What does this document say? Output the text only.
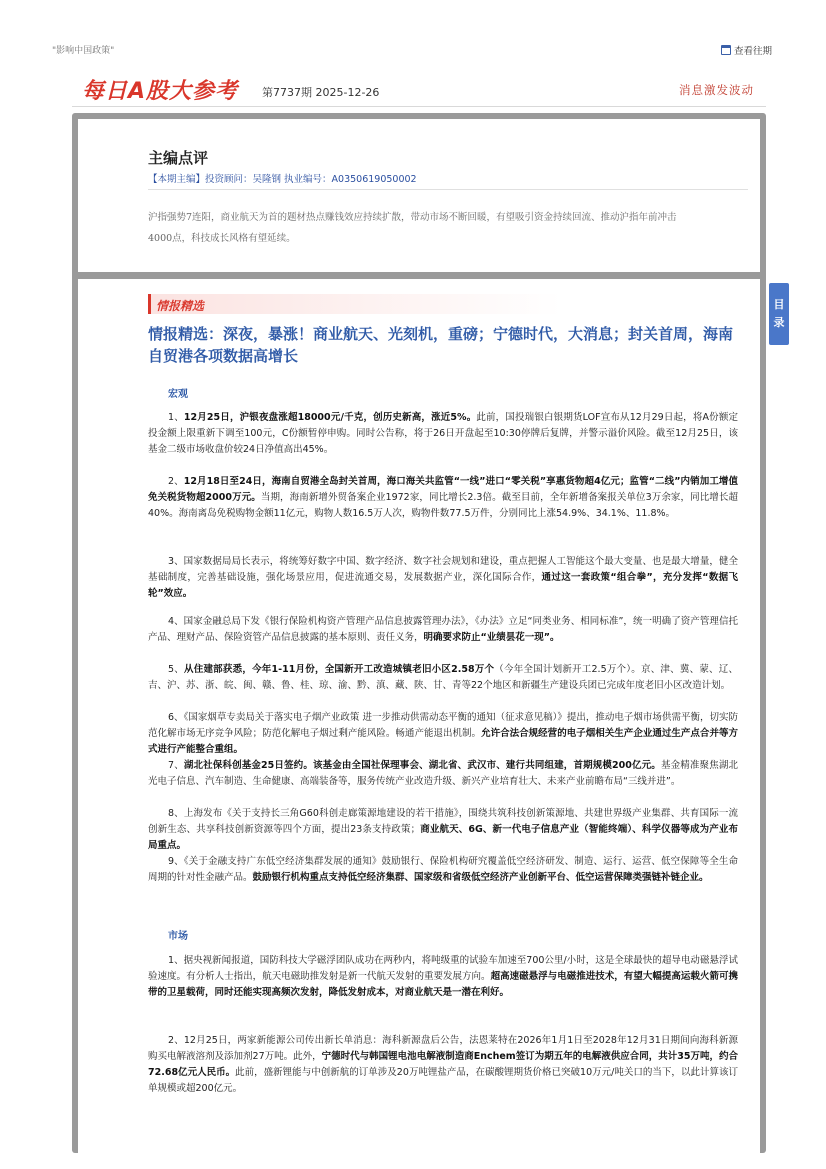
"影响中国政策"	查看往期
每日A股大参考 第7737期 2025-12-26	消息激发波动
主编点评
【本期主编】投资顾问：吴隆钢 执业编号：A0350619050002
沪指强势7连阳，商业航天为首的题材热点赚钱效应持续扩散，带动市场不断回暖，有望吸引资金持续回流、推动沪指年前冲击4000点，科技成长风格有望延续。
情报精选
情报精选：深夜，暴涨！商业航天、光刻机，重磅；宁德时代，大消息；封关首周，海南自贸港各项数据高增长
宏观
1、12月25日，沪银夜盘涨超18000元/千克，创历史新高，涨近5%。此前，国投瑞银白银期货LOF宣布从12月29日起，将A份额定投金额上限重新下调至100元，C份额暂停申购。同时公告称，将于26日开盘起至10:30停牌后复牌，并警示溢价风险。截至12月25日，该基金二级市场收盘价较24日净值高出45%。
2、12月18日至24日，海南自贸港全岛封关首周，海口海关共监管“一线”进口“零关税”享惠货物超4亿元；监管“二线”内销加工增值免关税货物超2000万元。当期，海南新增外贸备案企业1972家，同比增长2.3倍。截至目前，全年新增备案报关单位3万余家，同比增长超40%。海南离岛免税购物金额11亿元，购物人数16.5万人次，购物件数77.5万件，分别同比上涨54.9%、34.1%、11.8%。
3、国家数据局局长表示，将统筹好数字中国、数字经济、数字社会规划和建设，重点把握人工智能这个最大变量、也是最大增量，健全基础制度，完善基础设施，强化场景应用，促进流通交易，发展数据产业，深化国际合作，通过这一套政策“组合拳”，充分发挥“数据飞轮”效应。
4、国家金融总局下发《银行保险机构资产管理产品信息披露管理办法》，《办法》立足“同类业务、相同标准”，统一明确了资产管理信托产品、理财产品、保险资管产品信息披露的基本原则、责任义务，明确要求防止“业绩昙花一现”。
5、从住建部获悉，今年1-11月份，全国新开工改造城镇老旧小区2.58万个（今年全国计划新开工2.5万个）。京、津、冀、蒙、辽、吉、沪、苏、浙、皖、闽、赣、鲁、桂、琼、渝、黔、滇、藏、陕、甘、青等22个地区和新疆生产建设兵团已完成年度老旧小区改造计划。
6、《国家烟草专卖局关于落实电子烟产业政策 进一步推动供需动态平衡的通知（征求意见稿）》提出，推动电子烟市场供需平衡，切实防范化解市场无序竞争风险；防范化解电子烟过剩产能风险。畅通产能退出机制。允许合法合规经营的电子烟相关生产企业通过生产点合并等方式进行产能整合重组。
7、湖北社保科创基金25日签约。该基金由全国社保理事会、湖北省、武汉市、建行共同组建，首期规模200亿元。基金精准聚焦湖北光电子信息、汽车制造、生命健康、高端装备等，服务传统产业改造升级、新兴产业培育壮大、未来产业前瞻布局“三线并进”。
8、上海发布《关于支持长三角G60科创走廊策源地建设的若干措施》，围绕共筑科技创新策源地、共建世界级产业集群、共育国际一流创新生态、共享科技创新资源等四个方面，提出23条支持政策；商业航天、6G、新一代电子信息产业（智能终端）、科学仪器等成为产业布局重点。
9、《关于金融支持广东低空经济集群发展的通知》鼓励银行、保险机构研究覆盖低空经济研发、制造、运行、运营、低空保障等全生命周期的针对性金融产品。鼓励银行机构重点支持低空经济集群、国家级和省级低空经济产业创新平台、低空运营保障类强链补链企业。
市场
1、据央视新闻报道，国防科技大学磁浮团队成功在两秒内，将吨级重的试验车加速至700公里/小时，这是全球最快的超导电动磁悬浮试验速度。有分析人士指出，航天电磁助推发射是新一代航天发射的重要发展方向。超高速磁悬浮与电磁推进技术，有望大幅提高运载火箭可携带的卫星载荷，同时还能实现高频次发射，降低发射成本，对商业航天是一潜在利好。
2、12月25日，两家新能源公司传出新长单消息：海科新源盘后公告，法恩莱特在2026年1月1日至2028年12月31日期间向海科新源购买电解液溶剂及添加剂27万吨。此外，宁德时代与韩国锂电池电解液制造商Enchem签订为期五年的电解液供应合同，共计35万吨，约合72.68亿元人民币。此前，盛新锂能与中创新航的订单涉及20万吨锂盐产品，在碳酸锂期货价格已突破10万元/吨关口的当下，以此计算该订单规模或超200亿元。
目
录
